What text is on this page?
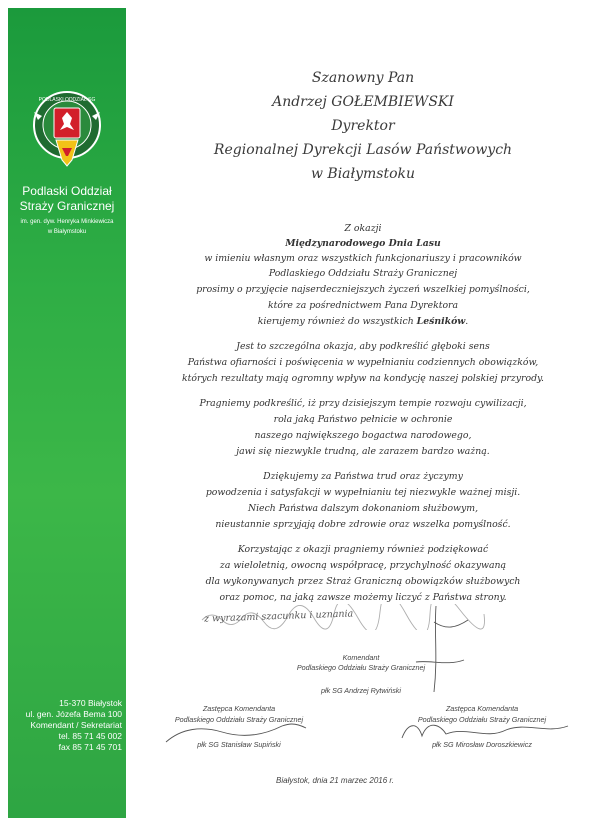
PODLASKI ODDZIAŁ SG
Podlaski Oddział
Straży Granicznej
im. gen. dyw. Henryka Minkiewicza
w Białymstoku
15-370 Białystok
ul. gen. Józefa Bema 100
Komendant / Sekretariat
tel. 85 71 45 002
fax 85 71 45 701
Szanowny Pan
Andrzej GOŁEMBIEWSKI
Dyrektor
Regionalnej Dyrekcji Lasów Państwowych
w Białymstoku
Z okazji
Międzynarodowego Dnia Lasu
w imieniu własnym oraz wszystkich funkcjonariuszy i pracowników
Podlaskiego Oddziału Straży Granicznej
prosimy o przyjęcie najserdeczniejszych życzeń wszelkiej pomyślności,
które za pośrednictwem Pana Dyrektora
kierujemy również do wszystkich Leśników.
Jest to szczególna okazja, aby podkreślić głęboki sens
Państwa ofiarności i poświęcenia w wypełnianiu codziennych obowiązków,
których rezultaty mają ogromny wpływ na kondycję naszej polskiej przyrody.
Pragniemy podkreślić, iż przy dzisiejszym tempie rozwoju cywilizacji,
rola jaką Państwo pełnicie w ochronie
naszego największego bogactwa narodowego,
jawi się niezwykle trudną, ale zarazem bardzo ważną.
Dziękujemy za Państwa trud oraz życzymy
powodzenia i satysfakcji w wypełnianiu tej niezwykle ważnej misji.
Niech Państwa dalszym dokonaniom służbowym,
nieustannie sprzyjają dobre zdrowie oraz wszelka pomyślność.
Korzystając z okazji pragniemy również podziękować
za wieloletnią, owocną współpracę, przychylność okazywaną
dla wykonywanych przez Straż Graniczną obowiązków służbowych
oraz pomoc, na jaką zawsze możemy liczyć z Państwa strony.
z wyrazami szacunku i uznania
Komendant
Podlaskiego Oddziału Straży Granicznej
płk SG Andrzej Rytwiński
Zastępca Komendanta
Podlaskiego Oddziału Straży Granicznej
płk SG Stanisław Supiński
Zastępca Komendanta
Podlaskiego Oddziału Straży Granicznej
płk SG Mirosław Doroszkiewicz
Białystok, dnia 21 marzec 2016 r.
